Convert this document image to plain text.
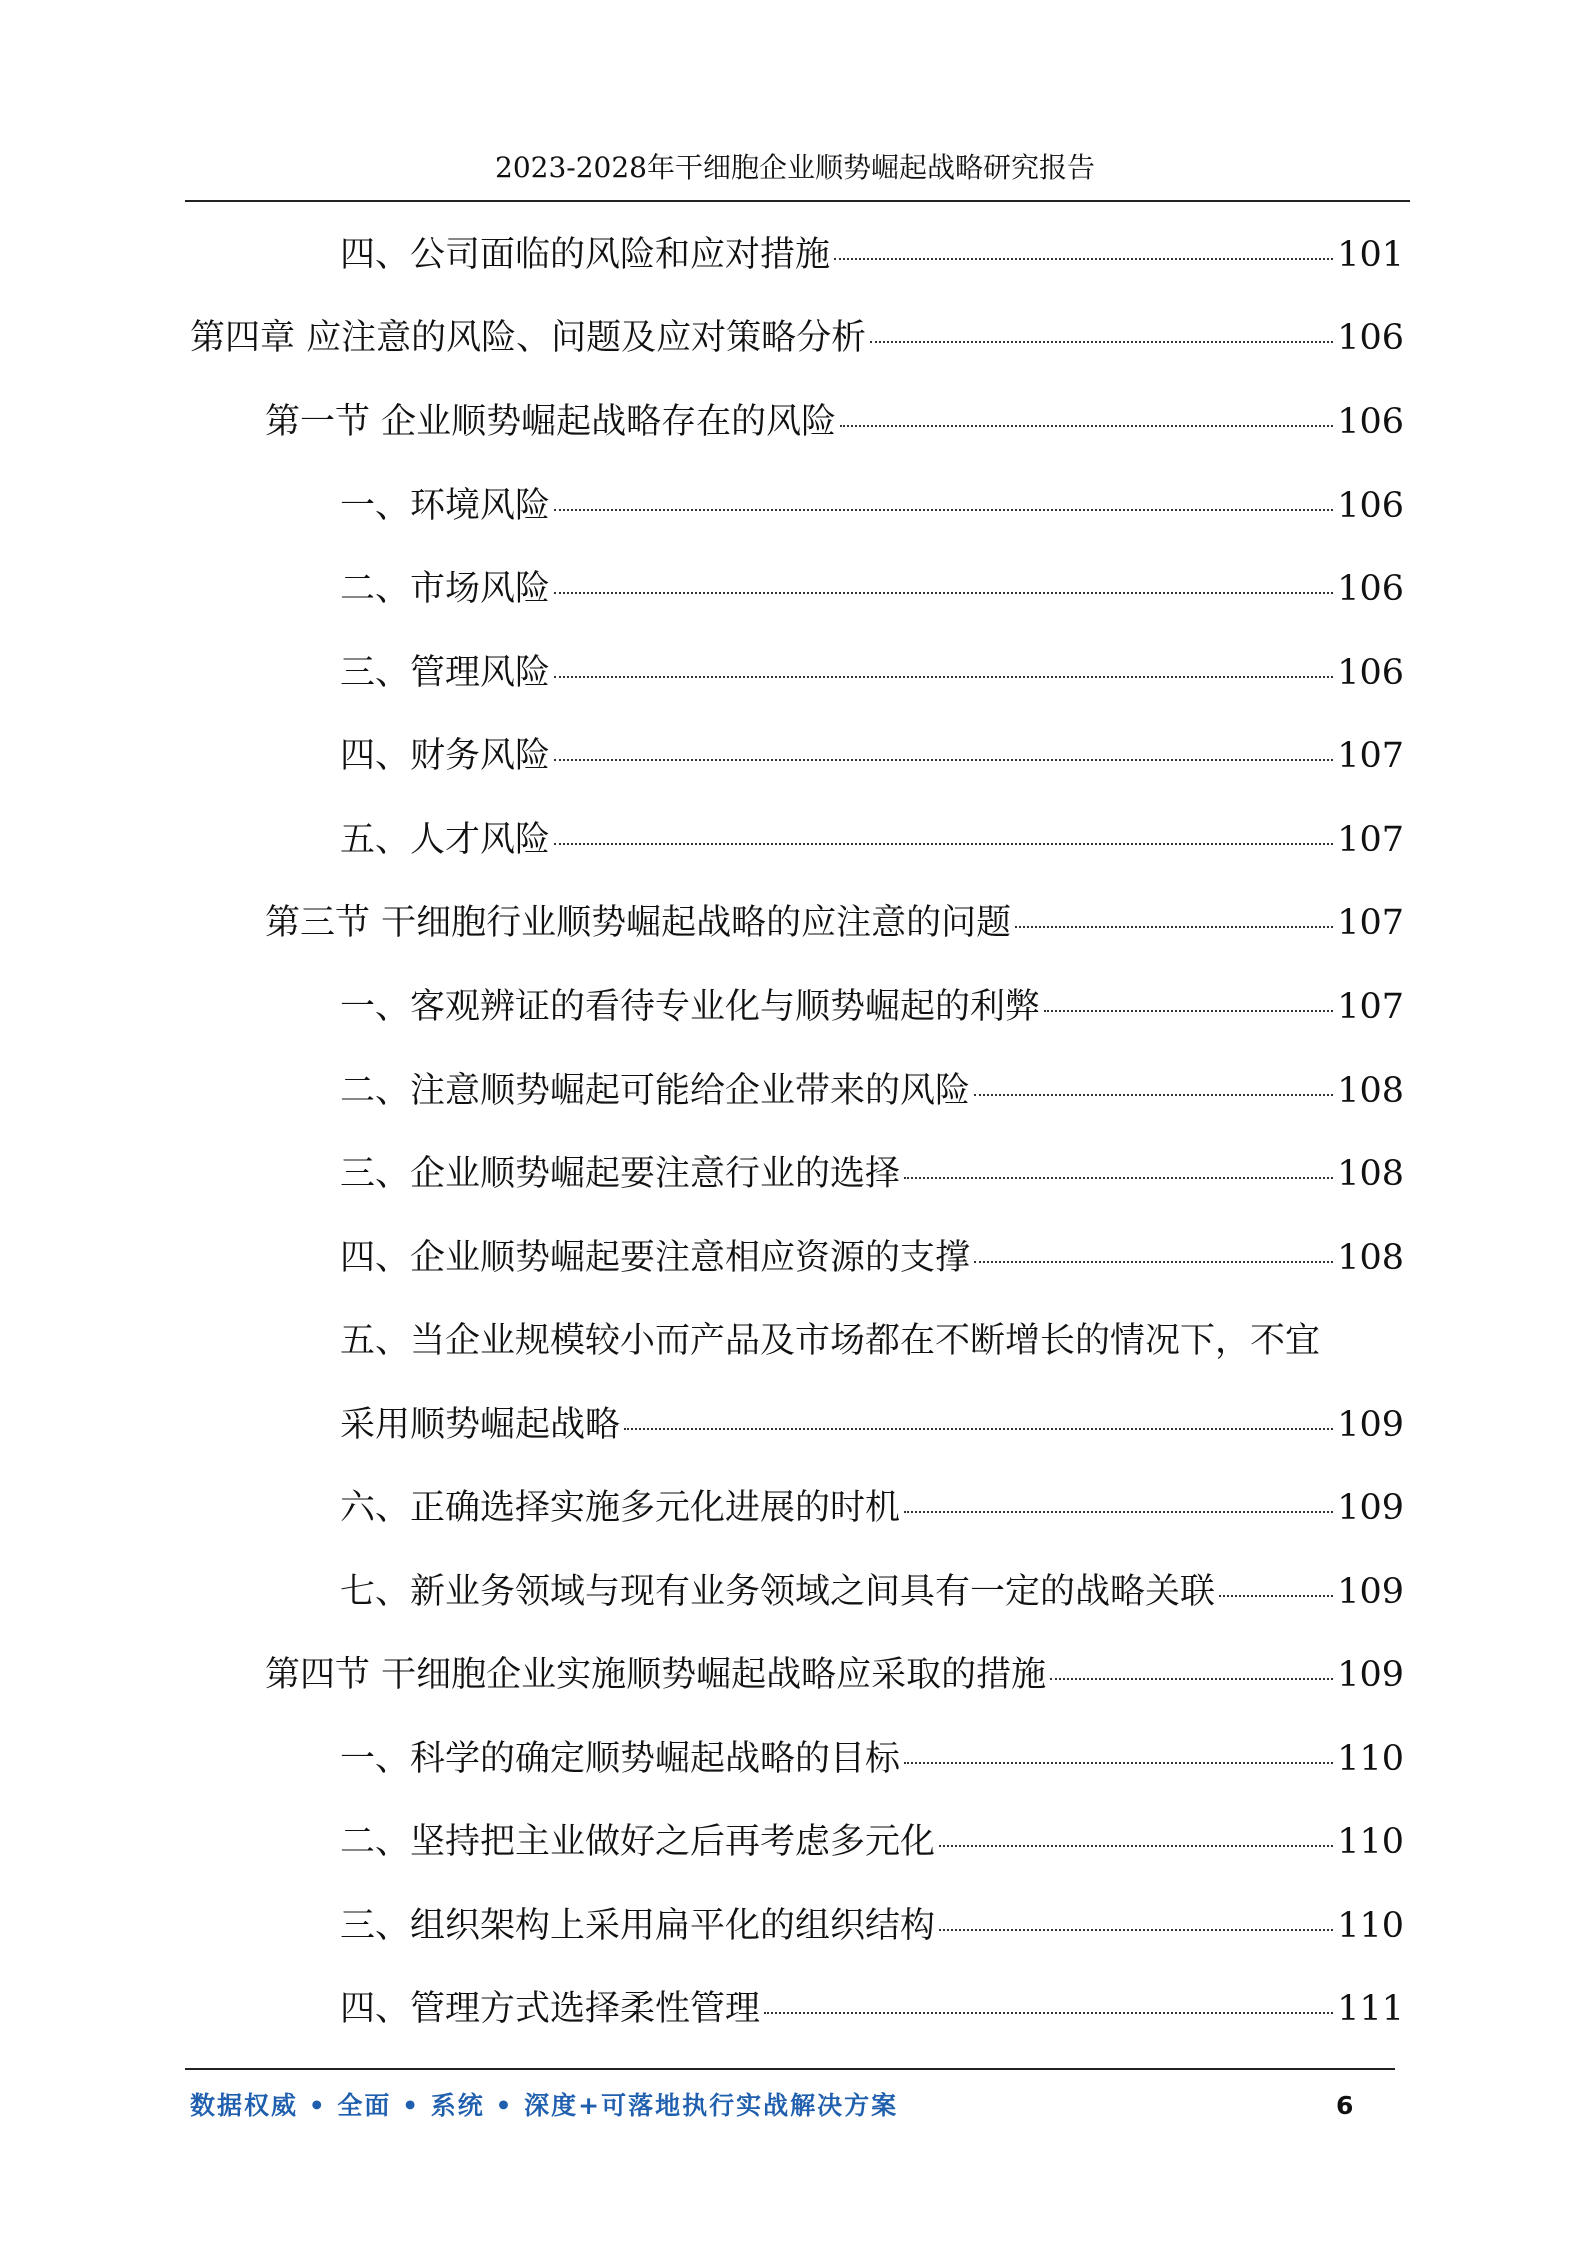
2023-2028年干细胞企业顺势崛起战略研究报告
四、公司面临的风险和应对措施	101
第四章 应注意的风险、问题及应对策略分析	106
第一节 企业顺势崛起战略存在的风险	106
一、环境风险	106
二、市场风险	106
三、管理风险	106
四、财务风险	107
五、人才风险	107
第三节 干细胞行业顺势崛起战略的应注意的问题	107
一、客观辨证的看待专业化与顺势崛起的利弊	107
二、注意顺势崛起可能给企业带来的风险	108
三、企业顺势崛起要注意行业的选择	108
四、企业顺势崛起要注意相应资源的支撑	108
五、当企业规模较小而产品及市场都在不断增长的情况下，不宜
采用顺势崛起战略	109
六、正确选择实施多元化进展的时机	109
七、新业务领域与现有业务领域之间具有一定的战略关联	109
第四节 干细胞企业实施顺势崛起战略应采取的措施	109
一、科学的确定顺势崛起战略的目标	110
二、坚持把主业做好之后再考虑多元化	110
三、组织架构上采用扁平化的组织结构	110
四、管理方式选择柔性管理	111
数据权威 • 全面 • 系统 • 深度+可落地执行实战解决方案	6
